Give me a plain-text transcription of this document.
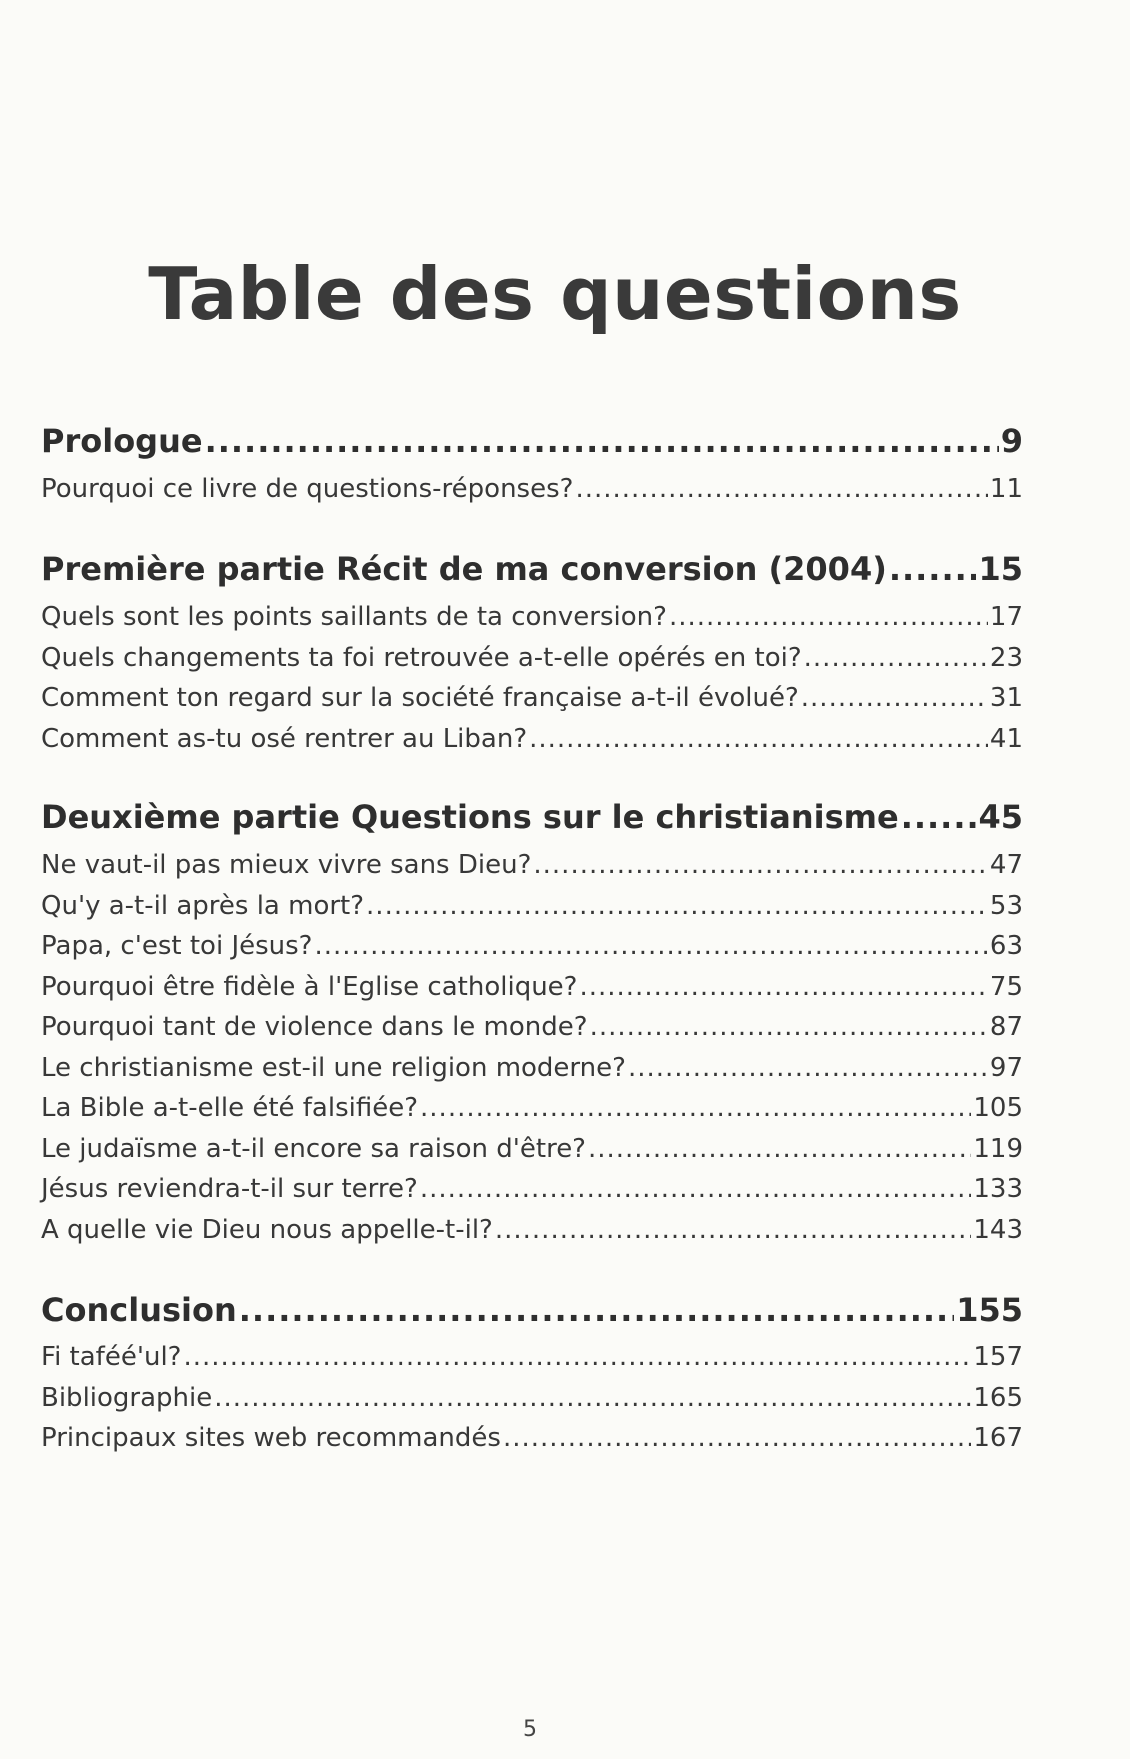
Table des questions
Prologue .....	9
Pourquoi ce livre de questions-réponses? .....	11
Première partie Récit de ma conversion (2004) .....	15
Quels sont les points saillants de ta conversion? .....	17
Quels changements ta foi retrouvée a-t-elle opérés en toi? .....	23
Comment ton regard sur la société française a-t-il évolué? .....	31
Comment as-tu osé rentrer au Liban? .....	41
Deuxième partie Questions sur le christianisme ..... 45
Ne vaut-il pas mieux vivre sans Dieu? .....	47
Qu'y a-t-il après la mort? .....	53
Papa, c'est toi Jésus? .....	63
Pourquoi être fidèle à l'Eglise catholique? .....	75
Pourquoi tant de violence dans le monde? .....	87
Le christianisme est-il une religion moderne? .....	97
La Bible a-t-elle été falsifiée? .....	105
Le judaïsme a-t-il encore sa raison d'être? .....	119
Jésus reviendra-t-il sur terre? .....	133
A quelle vie Dieu nous appelle-t-il? .....	143
Conclusion .....	155
Fi taféé'ul? .....	157
Bibliographie .....	165
Principaux sites web recommandés .....	167
5
